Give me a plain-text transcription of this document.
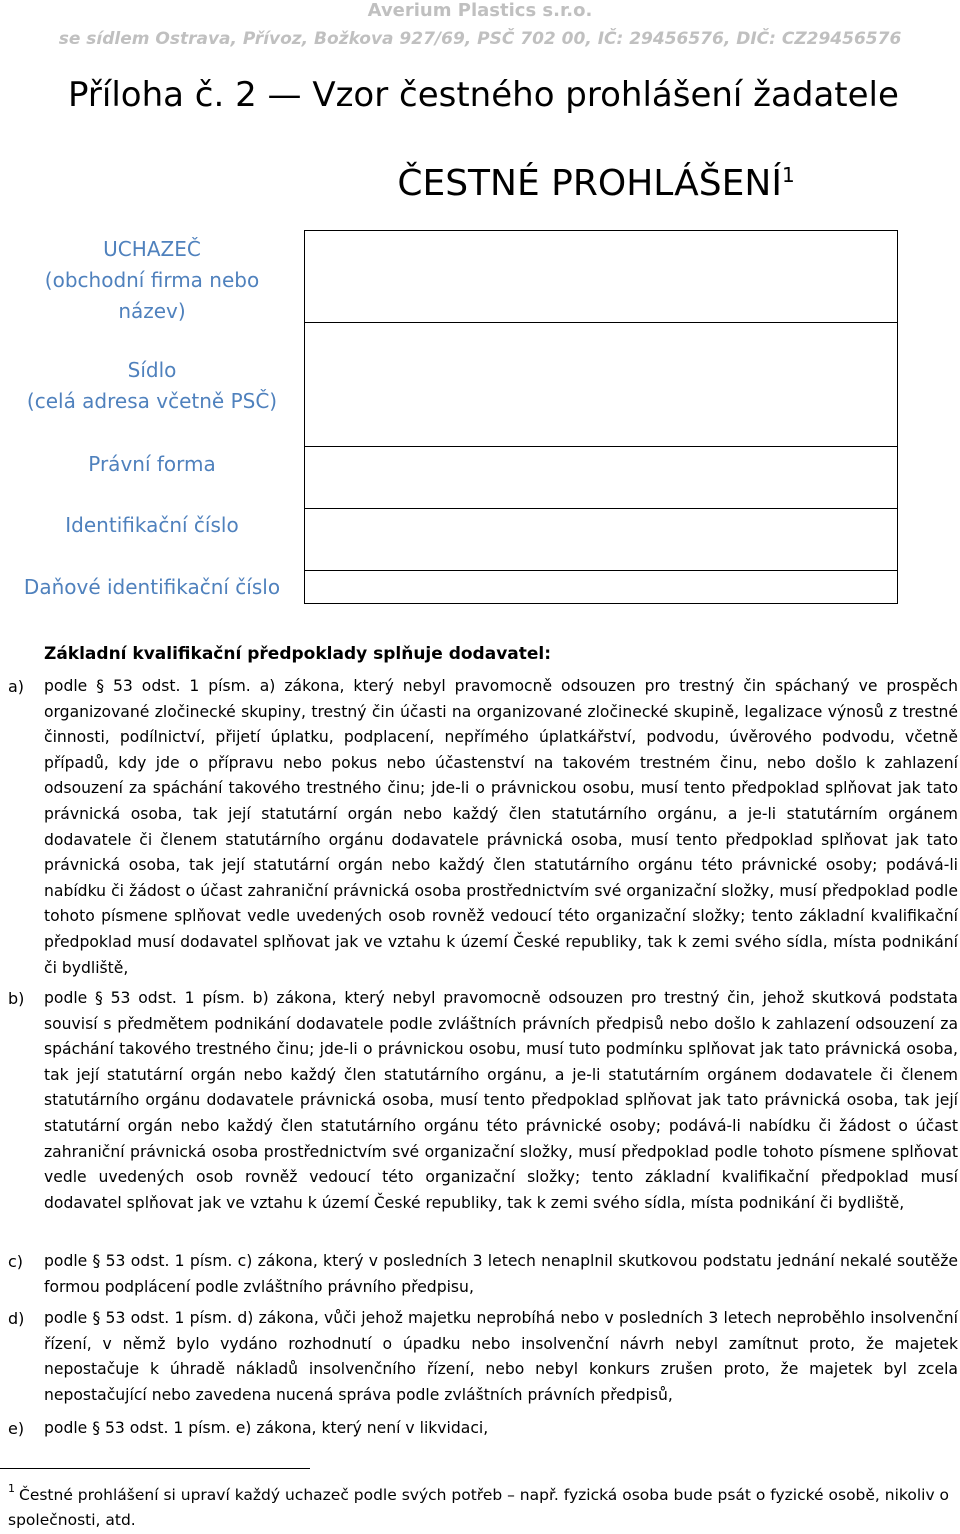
Averium Plastics s.r.o.
se sídlem Ostrava, Přívoz, Božkova 927/69, PSČ 702 00, IČ: 29456576, DIČ: CZ29456576
Příloha č. 2 — Vzor čestného prohlášení žadatele
ČESTNÉ PROHLÁŠENÍ$^1$
UCHAZEČ
(obchodní firma nebo
název)
Sídlo
(celá adresa včetně PSČ)
Právní forma
Identifikační číslo
Daňové identifikační číslo
Základní kvalifikační předpoklady splňuje dodavatel:
a) podle § 53 odst. 1 písm. a) zákona, který nebyl pravomocně odsouzen pro trestný čin spáchaný ve prospěch organizované zločinecké skupiny, trestný čin účasti na organizované zločinecké skupině, legalizace výnosů z trestné činnosti, podílnictví, přijetí úplatku, podplacení, nepřímého úplatkářství, podvodu, úvěrového podvodu, včetně případů, kdy jde o přípravu nebo pokus nebo účastenství na takovém trestném činu, nebo došlo k zahlazení odsouzení za spáchání takového trestného činu; jde-li o právnickou osobu, musí tento předpoklad splňovat jak tato právnická osoba, tak její statutární orgán nebo každý člen statutárního orgánu, a je-li statutárním orgánem dodavatele či členem statutárního orgánu dodavatele právnická osoba, musí tento předpoklad splňovat jak tato právnická osoba, tak její statutární orgán nebo každý člen statutárního orgánu této právnické osoby; podává-li nabídku či žádost o účast zahraniční právnická osoba prostřednictvím své organizační složky, musí předpoklad podle tohoto písmene splňovat vedle uvedených osob rovněž vedoucí této organizační složky; tento základní kvalifikační předpoklad musí dodavatel splňovat jak ve vztahu k území České republiky, tak k zemi svého sídla, místa podnikání či bydliště,
b) podle § 53 odst. 1 písm. b) zákona, který nebyl pravomocně odsouzen pro trestný čin, jehož skutková podstata souvisí s předmětem podnikání dodavatele podle zvláštních právních předpisů nebo došlo k zahlazení odsouzení za spáchání takového trestného činu; jde-li o právnickou osobu, musí tuto podmínku splňovat jak tato právnická osoba, tak její statutární orgán nebo každý člen statutárního orgánu, a je-li statutárním orgánem dodavatele či členem statutárního orgánu dodavatele právnická osoba, musí tento předpoklad splňovat jak tato právnická osoba, tak její statutární orgán nebo každý člen statutárního orgánu této právnické osoby; podává-li nabídku či žádost o účast zahraniční právnická osoba prostřednictvím své organizační složky, musí předpoklad podle tohoto písmene splňovat vedle uvedených osob rovněž vedoucí této organizační složky; tento základní kvalifikační předpoklad musí dodavatel splňovat jak ve vztahu k území České republiky, tak k zemi svého sídla, místa podnikání či bydliště,
c) podle § 53 odst. 1 písm. c) zákona, který v posledních 3 letech nenaplnil skutkovou podstatu jednání nekalé soutěže formou podplácení podle zvláštního právního předpisu,
d) podle § 53 odst. 1 písm. d) zákona, vůči jehož majetku neprobíhá nebo v posledních 3 letech neproběhlo insolvenční řízení, v němž bylo vydáno rozhodnutí o úpadku nebo insolvenční návrh nebyl zamítnut proto, že majetek nepostačuje k úhradě nákladů insolvenčního řízení, nebo nebyl konkurs zrušen proto, že majetek byl zcela nepostačující nebo zavedena nucená správa podle zvláštních právních předpisů,
e) podle § 53 odst. 1 písm. e) zákona, který není v likvidaci,
$^1$ Čestné prohlášení si upraví každý uchazeč podle svých potřeb – např. fyzická osoba bude psát o fyzické osobě, nikoliv o společnosti, atd.
